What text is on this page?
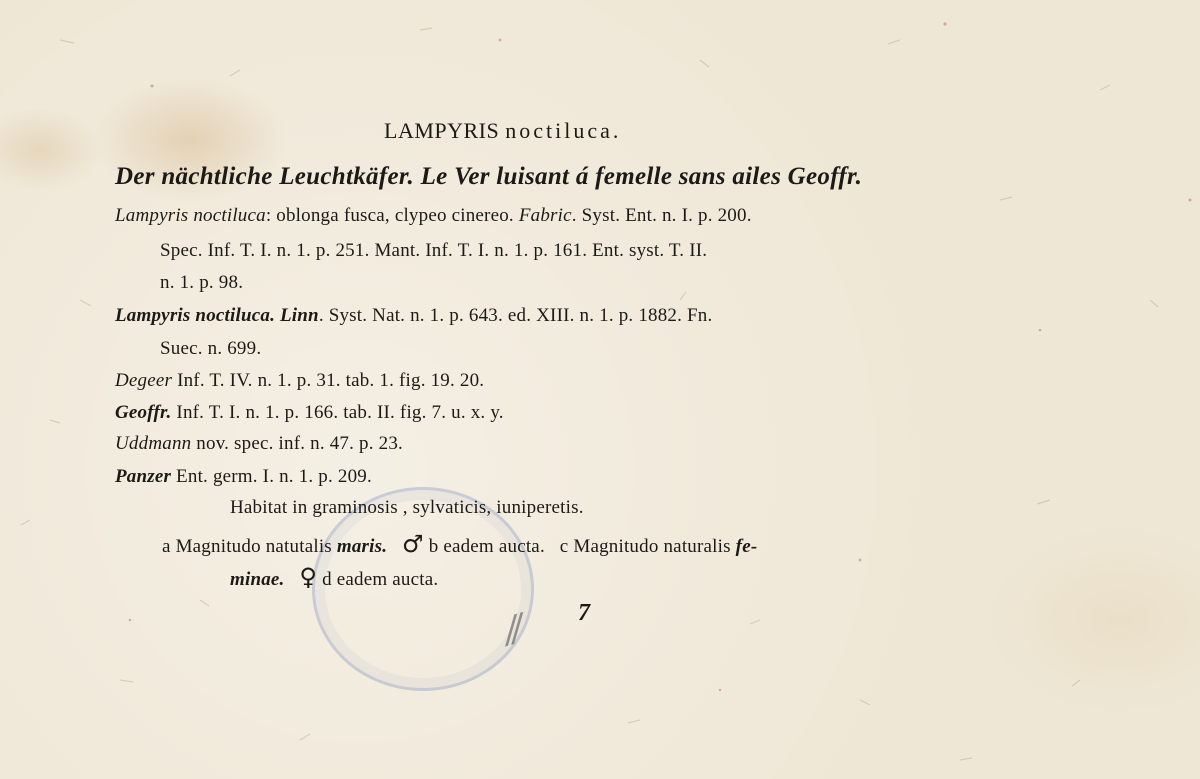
⁄⁄
LAMPYRIS noctiluca.
Der nächtliche Leuchtkäfer. Le Ver luisant á femelle sans ailes Geoffr.
Lampyris noctiluca: oblonga fusca, clypeo cinereo. Fabric. Syst. Ent. n. I. p. 200.
Spec. Inf. T. I. n. 1. p. 251. Mant. Inf. T. I. n. 1. p. 161. Ent. syst. T. II.
n. 1. p. 98.
Lampyris noctiluca. Linn. Syst. Nat. n. 1. p. 643. ed. XIII. n. 1. p. 1882. Fn.
Suec. n. 699.
Degeer Inf. T. IV. n. 1. p. 31. tab. 1. fig. 19. 20.
Geoffr. Inf. T. I. n. 1. p. 166. tab. II. fig. 7. u. x. y.
Uddmann nov. spec. inf. n. 47. p. 23.
Panzer Ent. germ. I. n. 1. p. 209.
Habitat in graminosis , sylvaticis, iuniperetis.
a Magnitudo natutalis maris. ♂ b eadem aucta. c Magnitudo naturalis fe-
minae. ♀ d eadem aucta.
7
